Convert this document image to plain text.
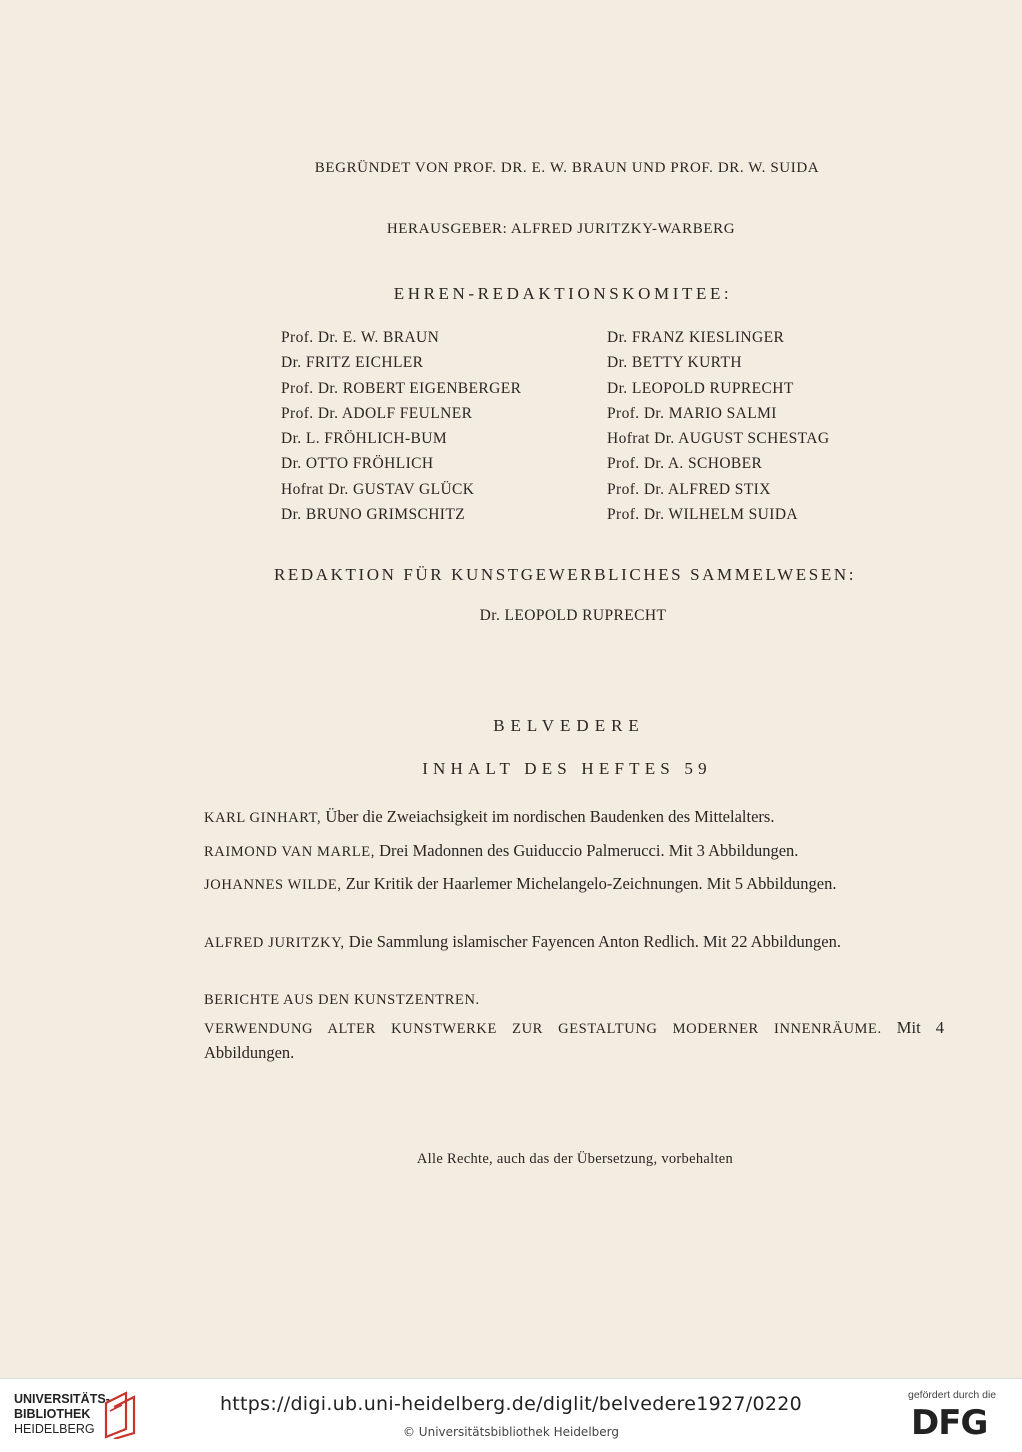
BEGRÜNDET VON PROF. DR. E. W. BRAUN UND PROF. DR. W. SUIDA
HERAUSGEBER: ALFRED JURITZKY-WARBERG
EHREN-REDAKTIONSKOMITEE:
Prof. Dr. E. W. BRAUN
Dr. FRITZ EICHLER
Prof. Dr. ROBERT EIGENBERGER
Prof. Dr. ADOLF FEULNER
Dr. L. FRÖHLICH-BUM
Dr. OTTO FRÖHLICH
Hofrat Dr. GUSTAV GLÜCK
Dr. BRUNO GRIMSCHITZ
Dr. FRANZ KIESLINGER
Dr. BETTY KURTH
Dr. LEOPOLD RUPRECHT
Prof. Dr. MARIO SALMI
Hofrat Dr. AUGUST SCHESTAG
Prof. Dr. A. SCHOBER
Prof. Dr. ALFRED STIX
Prof. Dr. WILHELM SUIDA
REDAKTION FÜR KUNSTGEWERBLICHES SAMMELWESEN:
Dr. LEOPOLD RUPRECHT
BELVEDERE
INHALT DES HEFTES 59
KARL GINHART, Über die Zweiachsigkeit im nordischen Baudenken des Mittelalters.
RAIMOND VAN MARLE, Drei Madonnen des Guiduccio Palmerucci. Mit 3 Abbildungen.
JOHANNES WILDE, Zur Kritik der Haarlemer Michelangelo-Zeichnungen. Mit 5 Abbildungen.
ALFRED JURITZKY, Die Sammlung islamischer Fayencen Anton Redlich. Mit 22 Abbildungen.
BERICHTE AUS DEN KUNSTZENTREN.
VERWENDUNG ALTER KUNSTWERKE ZUR GESTALTUNG MODERNER INNENRÄUME. Mit 4 Abbildungen.
Alle Rechte, auch das der Übersetzung, vorbehalten
UNIVERSITÄTS-
BIBLIOTHEK
HEIDELBERG
https://digi.ub.uni-heidelberg.de/diglit/belvedere1927/0220
© Universitätsbibliothek Heidelberg
gefördert durch die
DFG
